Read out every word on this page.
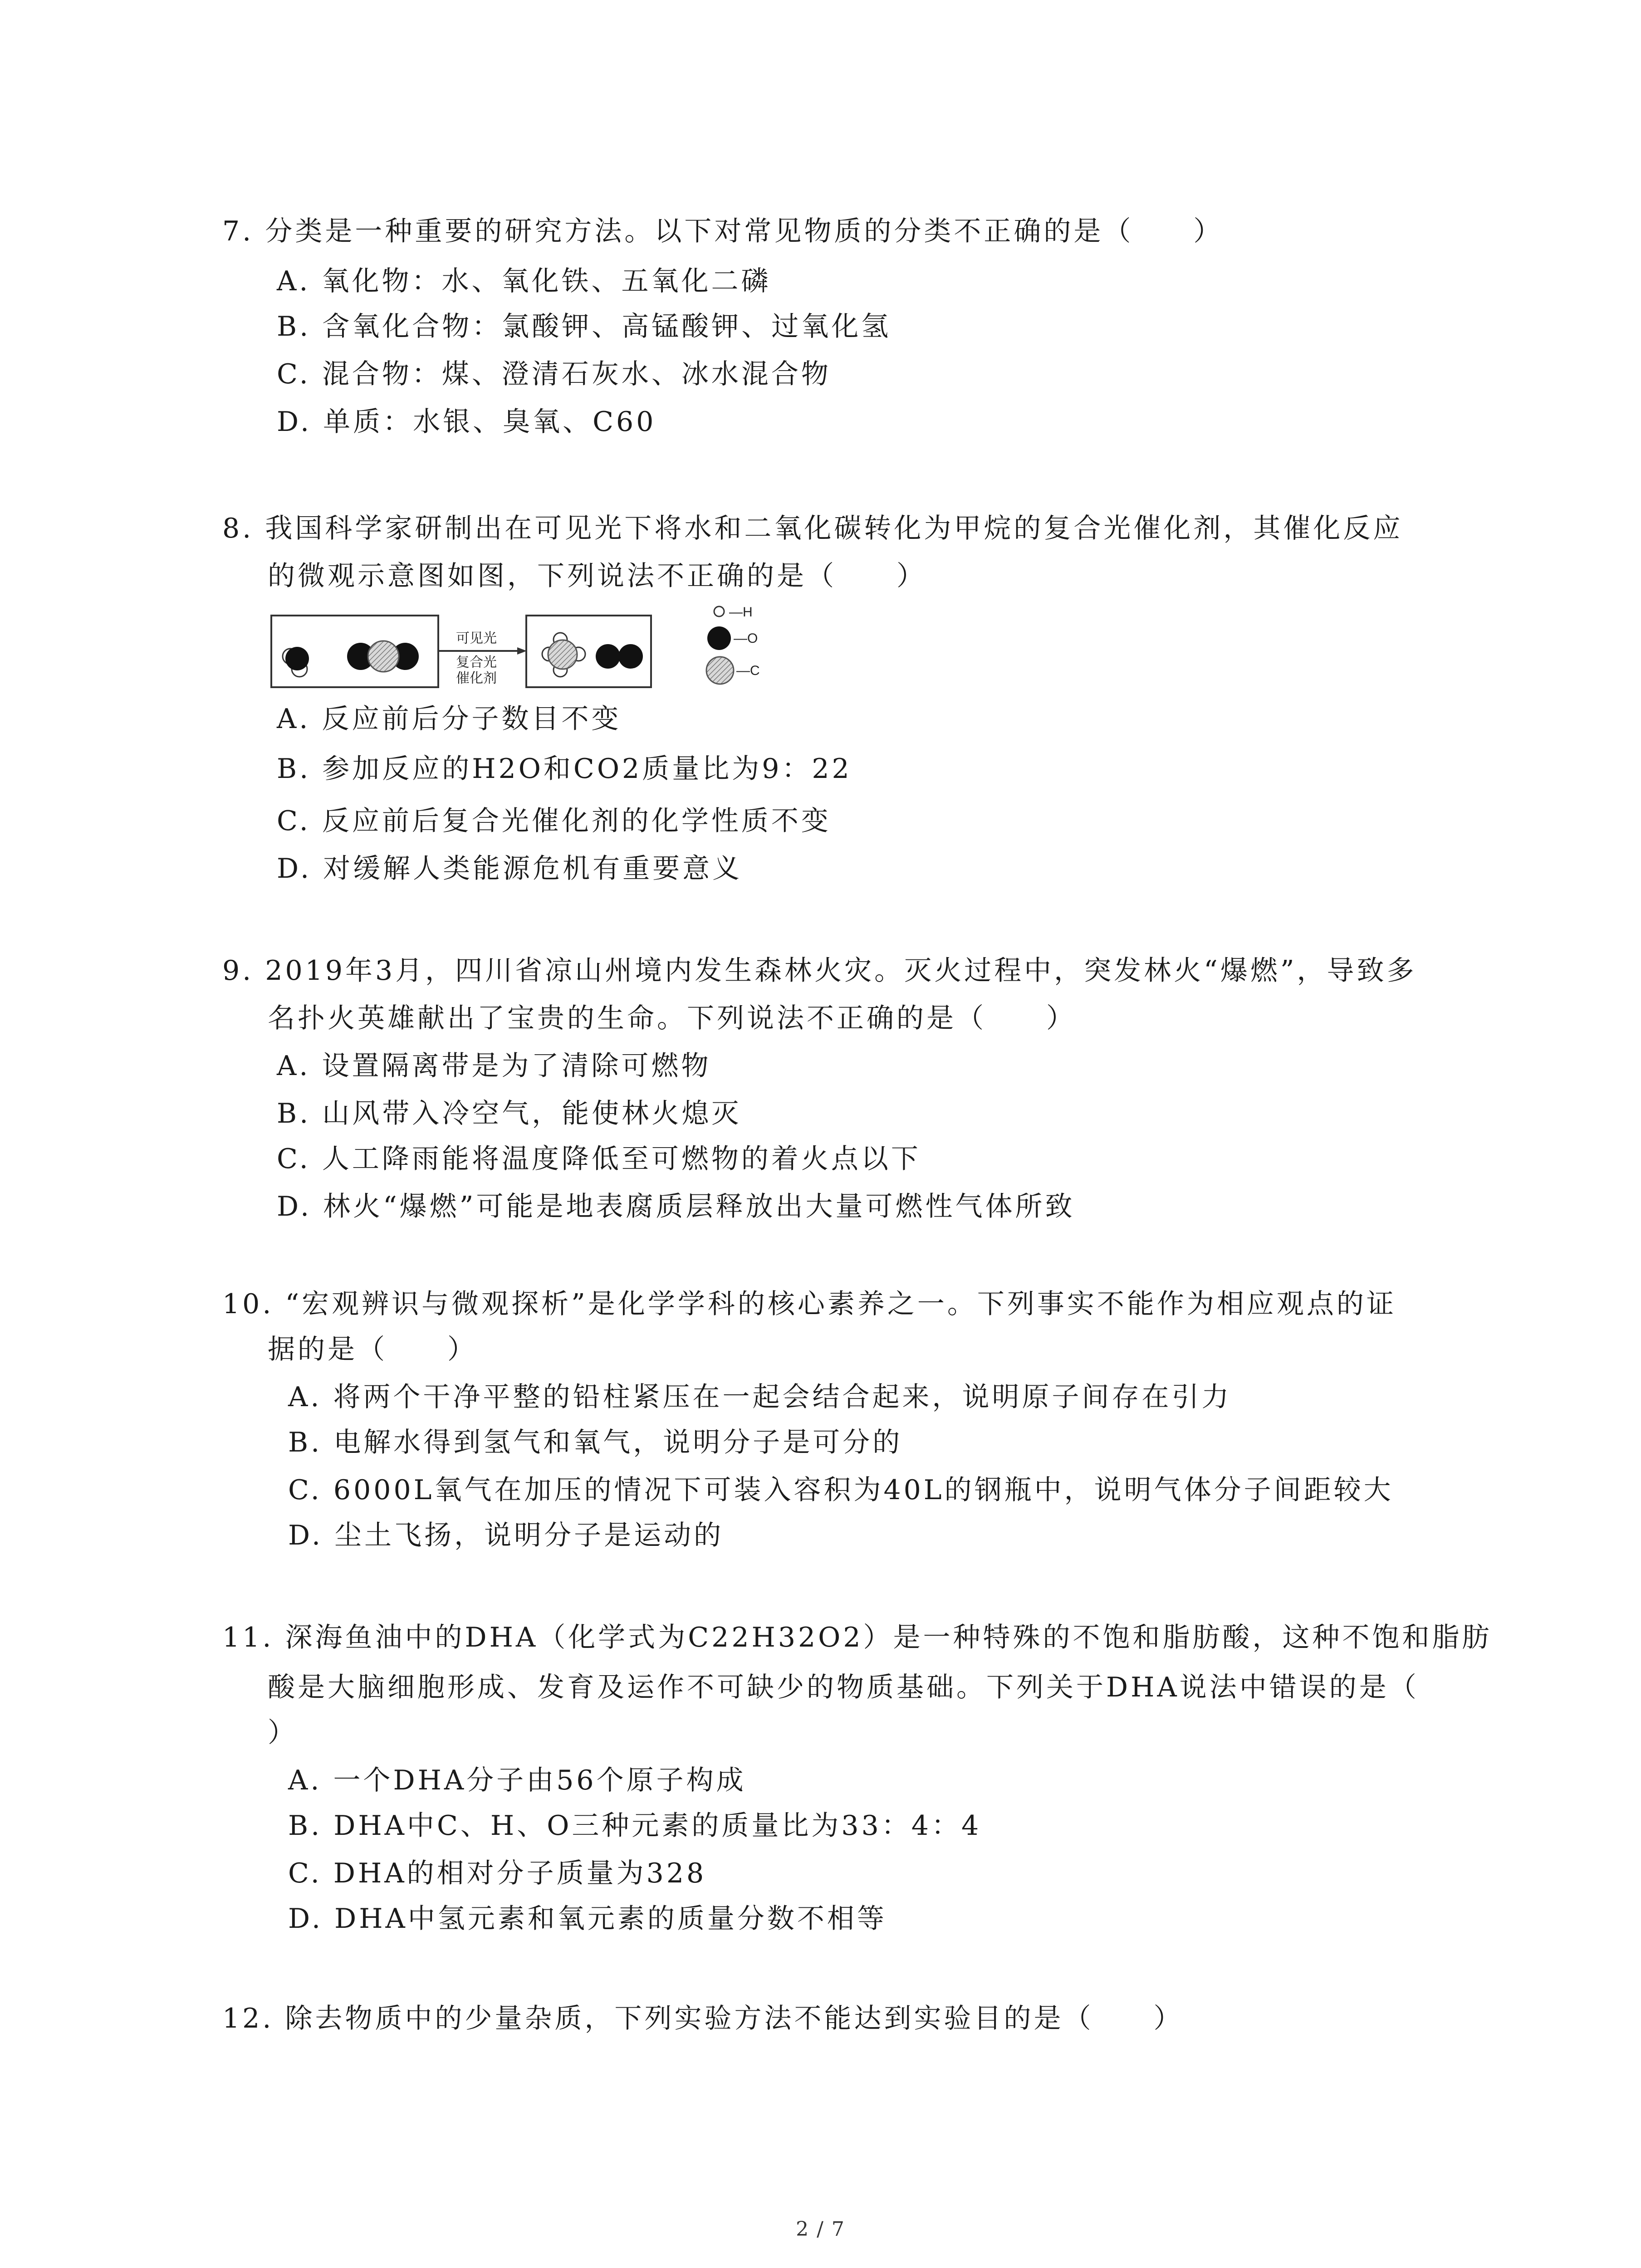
7. 分类是一种重要的研究方法。以下对常见物质的分类不正确的是（　　）
A. 氧化物：水、氧化铁、五氧化二磷
B. 含氧化合物：氯酸钾、高锰酸钾、过氧化氢
C. 混合物：煤、澄清石灰水、冰水混合物
D. 单质：水银、臭氧、C60
8. 我国科学家研制出在可见光下将水和二氧化碳转化为甲烷的复合光催化剂，其催化反应
的微观示意图如图，下列说法不正确的是（　　）
可见光
复合光
催化剂
—H
—O
—C
A. 反应前后分子数目不变
B. 参加反应的H2O和CO2质量比为9：22
C. 反应前后复合光催化剂的化学性质不变
D. 对缓解人类能源危机有重要意义
9. 2019年3月，四川省凉山州境内发生森林火灾。灭火过程中，突发林火“爆燃”，导致多
名扑火英雄献出了宝贵的生命。下列说法不正确的是（　　）
A. 设置隔离带是为了清除可燃物
B. 山风带入冷空气，能使林火熄灭
C. 人工降雨能将温度降低至可燃物的着火点以下
D. 林火“爆燃”可能是地表腐质层释放出大量可燃性气体所致
10. “宏观辨识与微观探析”是化学学科的核心素养之一。下列事实不能作为相应观点的证
据的是（　　）
A. 将两个干净平整的铅柱紧压在一起会结合起来，说明原子间存在引力
B. 电解水得到氢气和氧气，说明分子是可分的
C. 6000L氧气在加压的情况下可装入容积为40L的钢瓶中，说明气体分子间距较大
D. 尘土飞扬，说明分子是运动的
11. 深海鱼油中的DHA（化学式为C22H32O2）是一种特殊的不饱和脂肪酸，这种不饱和脂肪
酸是大脑细胞形成、发育及运作不可缺少的物质基础。下列关于DHA说法中错误的是（
）
A. 一个DHA分子由56个原子构成
B. DHA中C、H、O三种元素的质量比为33：4：4
C. DHA的相对分子质量为328
D. DHA中氢元素和氧元素的质量分数不相等
12. 除去物质中的少量杂质，下列实验方法不能达到实验目的是（　　）
2 / 7
